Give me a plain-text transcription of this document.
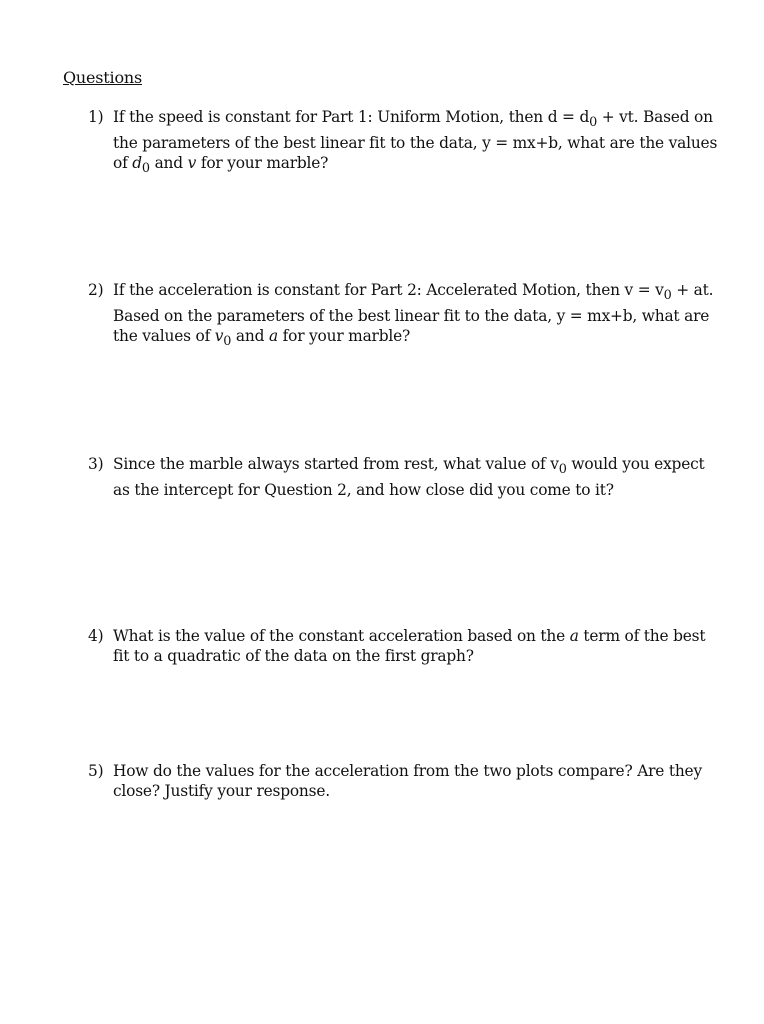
Questions
1) If the speed is constant for Part 1: Uniform Motion, then $d = d_0$ + vt. Based on the parameters of the best linear fit to the data, y = mx+b, what are the values of $d_0$ and v for your marble?
2) If the acceleration is constant for Part 2: Accelerated Motion, then $v = v_0$ + at. Based on the parameters of the best linear fit to the data, y = mx+b, what are the values of $v_0$ and a for your marble?
3) Since the marble always started from rest, what value of $v_0$ would you expect as the intercept for Question 2, and how close did you come to it?
4) What is the value of the constant acceleration based on the a term of the best fit to a quadratic of the data on the first graph?
5) How do the values for the acceleration from the two plots compare? Are they close? Justify your response.
